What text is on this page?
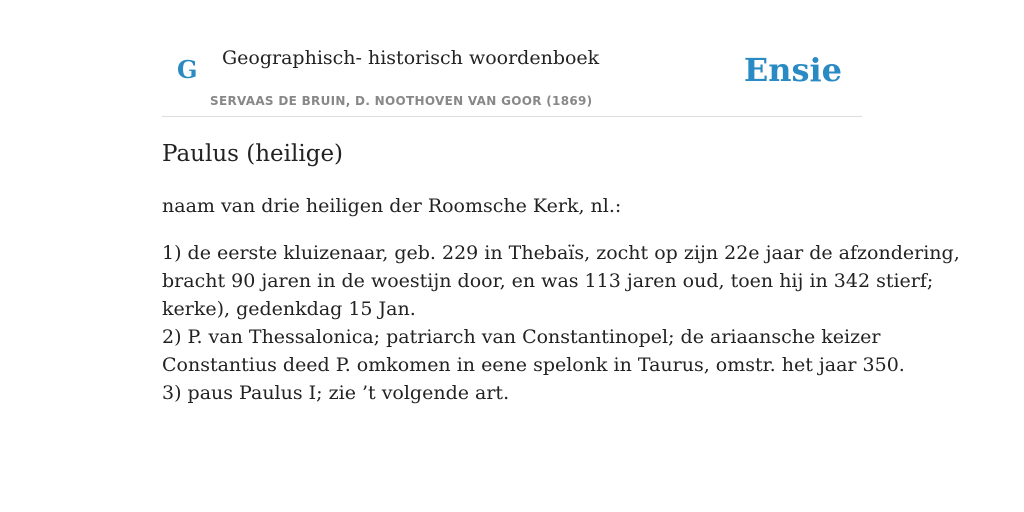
G Geographisch- historisch woordenboek
SERVAAS DE BRUIN, D. NOOTHOVEN VAN GOOR (1869)
Ensie
Paulus (heilige)

naam van drie heiligen der Roomsche Kerk, nl.:

1) de eerste kluizenaar, geb. 229 in Thebaïs, zocht op zijn 22e jaar de afzondering,
bracht 90 jaren in de woestijn door, en was 113 jaren oud, toen hij in 342 stierf;
kerke), gedenkdag 15 Jan.
2) P. van Thessalonica; patriarch van Constantinopel; de ariaansche keizer
Constantius deed P. omkomen in eene spelonk in Taurus, omstr. het jaar 350.
3) paus Paulus I; zie ’t volgende art.
